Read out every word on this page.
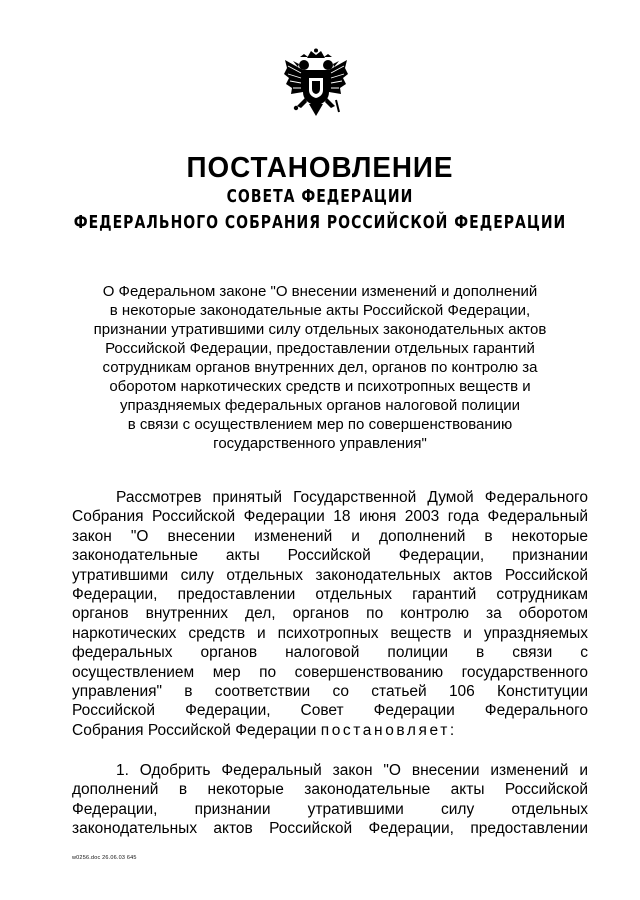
ПОСТАНОВЛЕНИЕ
СОВЕТА ФЕДЕРАЦИИ
ФЕДЕРАЛЬНОГО СОБРАНИЯ РОССИЙСКОЙ ФЕДЕРАЦИИ
О Федеральном законе "О внесении изменений и дополнений
в некоторые законодательные акты Российской Федерации,
признании утратившими силу отдельных законодательных актов
Российской Федерации, предоставлении отдельных гарантий
сотрудникам органов внутренних дел, органов по контролю за
оборотом наркотических средств и психотропных веществ и
упраздняемых федеральных органов налоговой полиции
в связи с осуществлением мер по совершенствованию
государственного управления"
Рассмотрев принятый Государственной Думой Федерального
Собрания Российской Федерации 18 июня 2003 года Федеральный
закон "О внесении изменений и дополнений в некоторые
законодательные акты Российской Федерации, признании
утратившими силу отдельных законодательных актов Российской
Федерации, предоставлении отдельных гарантий сотрудникам
органов внутренних дел, органов по контролю за оборотом
наркотических средств и психотропных веществ и упраздняемых
федеральных органов налоговой полиции в связи с
осуществлением мер по совершенствованию государственного
управления" в соответствии со статьей 106 Конституции
Российской Федерации, Совет Федерации Федерального
Собрания Российской Федерации постановляет:
1. Одобрить Федеральный закон "О внесении изменений и
дополнений в некоторые законодательные акты Российской
Федерации, признании утратившими силу отдельных
законодательных актов Российской Федерации, предоставлении
w0256.doc 26.06.03 645
